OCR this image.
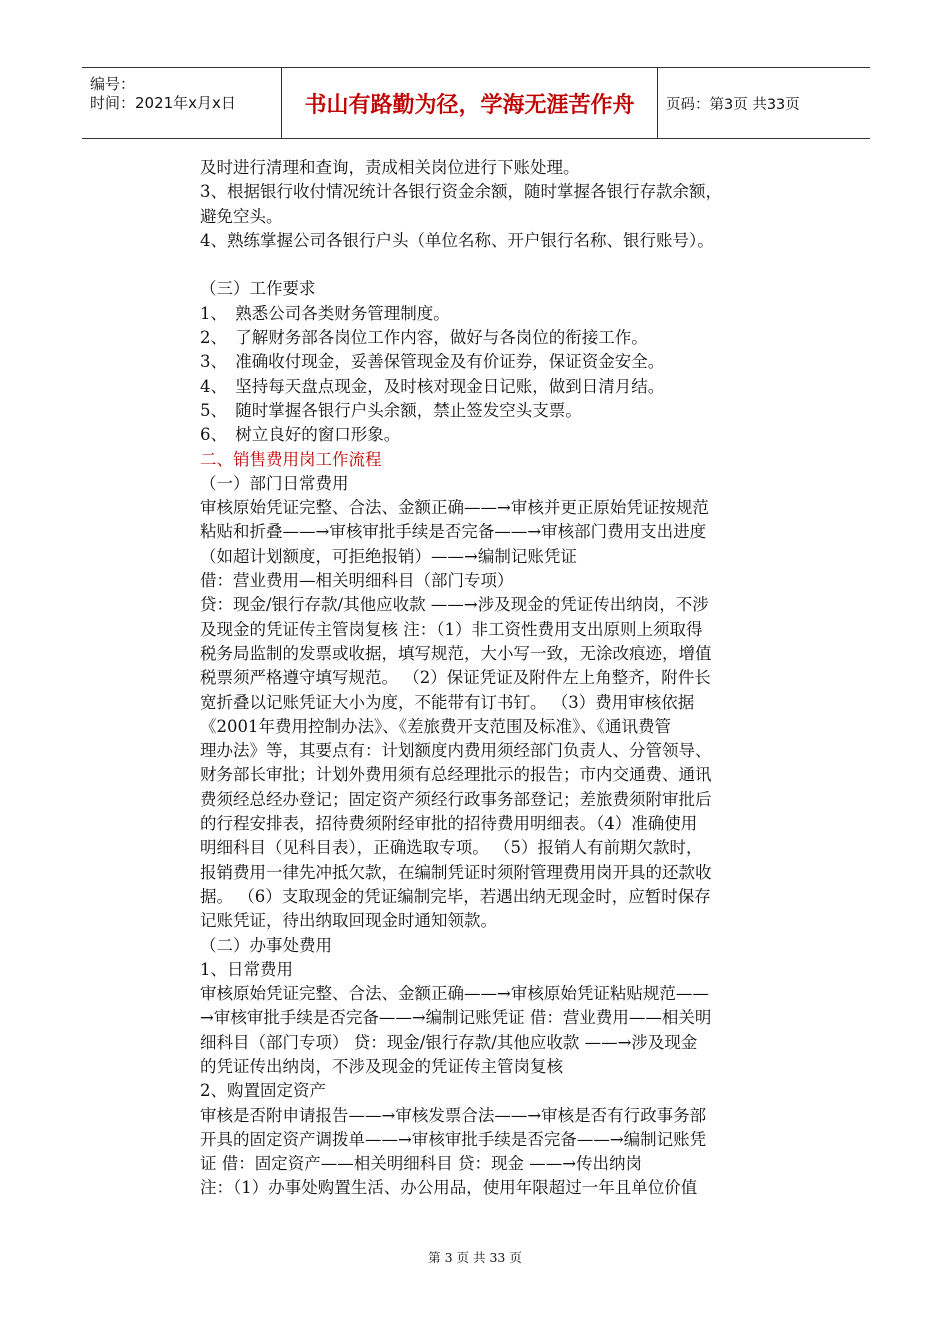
编号：
时间：2021年x月x日	书山有路勤为径，学海无涯苦作舟	页码：第3页 共33页
及时进行清理和查询，责成相关岗位进行下账处理。
3、根据银行收付情况统计各银行资金余额，随时掌握各银行存款余额，
避免空头。
4、熟练掌握公司各银行户头（单位名称、开户银行名称、银行账号）。
（三）工作要求
1、　熟悉公司各类财务管理制度。
2、　了解财务部各岗位工作内容，做好与各岗位的衔接工作。
3、　准确收付现金，妥善保管现金及有价证券，保证资金安全。
4、　坚持每天盘点现金，及时核对现金日记账，做到日清月结。
5、　随时掌握各银行户头余额，禁止签发空头支票。
6、　树立良好的窗口形象。
二、销售费用岗工作流程
（一）部门日常费用
审核原始凭证完整、合法、金额正确——→审核并更正原始凭证按规范
粘贴和折叠——→审核审批手续是否完备——→审核部门费用支出进度
（如超计划额度，可拒绝报销）——→编制记账凭证
借：营业费用—相关明细科目（部门专项）
贷：现金/银行存款/其他应收款 ——→涉及现金的凭证传出纳岗，不涉
及现金的凭证传主管岗复核 注：（1）非工资性费用支出原则上须取得
税务局监制的发票或收据，填写规范，大小写一致，无涂改痕迹，增值
税票须严格遵守填写规范。 （2）保证凭证及附件左上角整齐，附件长
宽折叠以记账凭证大小为度，不能带有订书钉。 （3）费用审核依据
《2001年费用控制办法》、《差旅费开支范围及标准》、《通讯费管
理办法》等，其要点有：计划额度内费用须经部门负责人、分管领导、
财务部长审批；计划外费用须有总经理批示的报告；市内交通费、通讯
费须经总经办登记；固定资产须经行政事务部登记；差旅费须附审批后
的行程安排表，招待费须附经审批的招待费用明细表。（4）准确使用
明细科目（见科目表），正确选取专项。 （5）报销人有前期欠款时，
报销费用一律先冲抵欠款，在编制凭证时须附管理费用岗开具的还款收
据。 （6）支取现金的凭证编制完毕，若遇出纳无现金时，应暂时保存
记账凭证，待出纳取回现金时通知领款。
（二）办事处费用
1、日常费用
审核原始凭证完整、合法、金额正确——→审核原始凭证粘贴规范——
→审核审批手续是否完备——→编制记账凭证 借：营业费用——相关明
细科目（部门专项） 贷：现金/银行存款/其他应收款 ——→涉及现金
的凭证传出纳岗，不涉及现金的凭证传主管岗复核
2、购置固定资产
审核是否附申请报告——→审核发票合法——→审核是否有行政事务部
开具的固定资产调拨单——→审核审批手续是否完备——→编制记账凭
证 借：固定资产——相关明细科目 贷：现金 ——→传出纳岗
注：（1）办事处购置生活、办公用品，使用年限超过一年且单位价值
第 3 页 共 33 页
